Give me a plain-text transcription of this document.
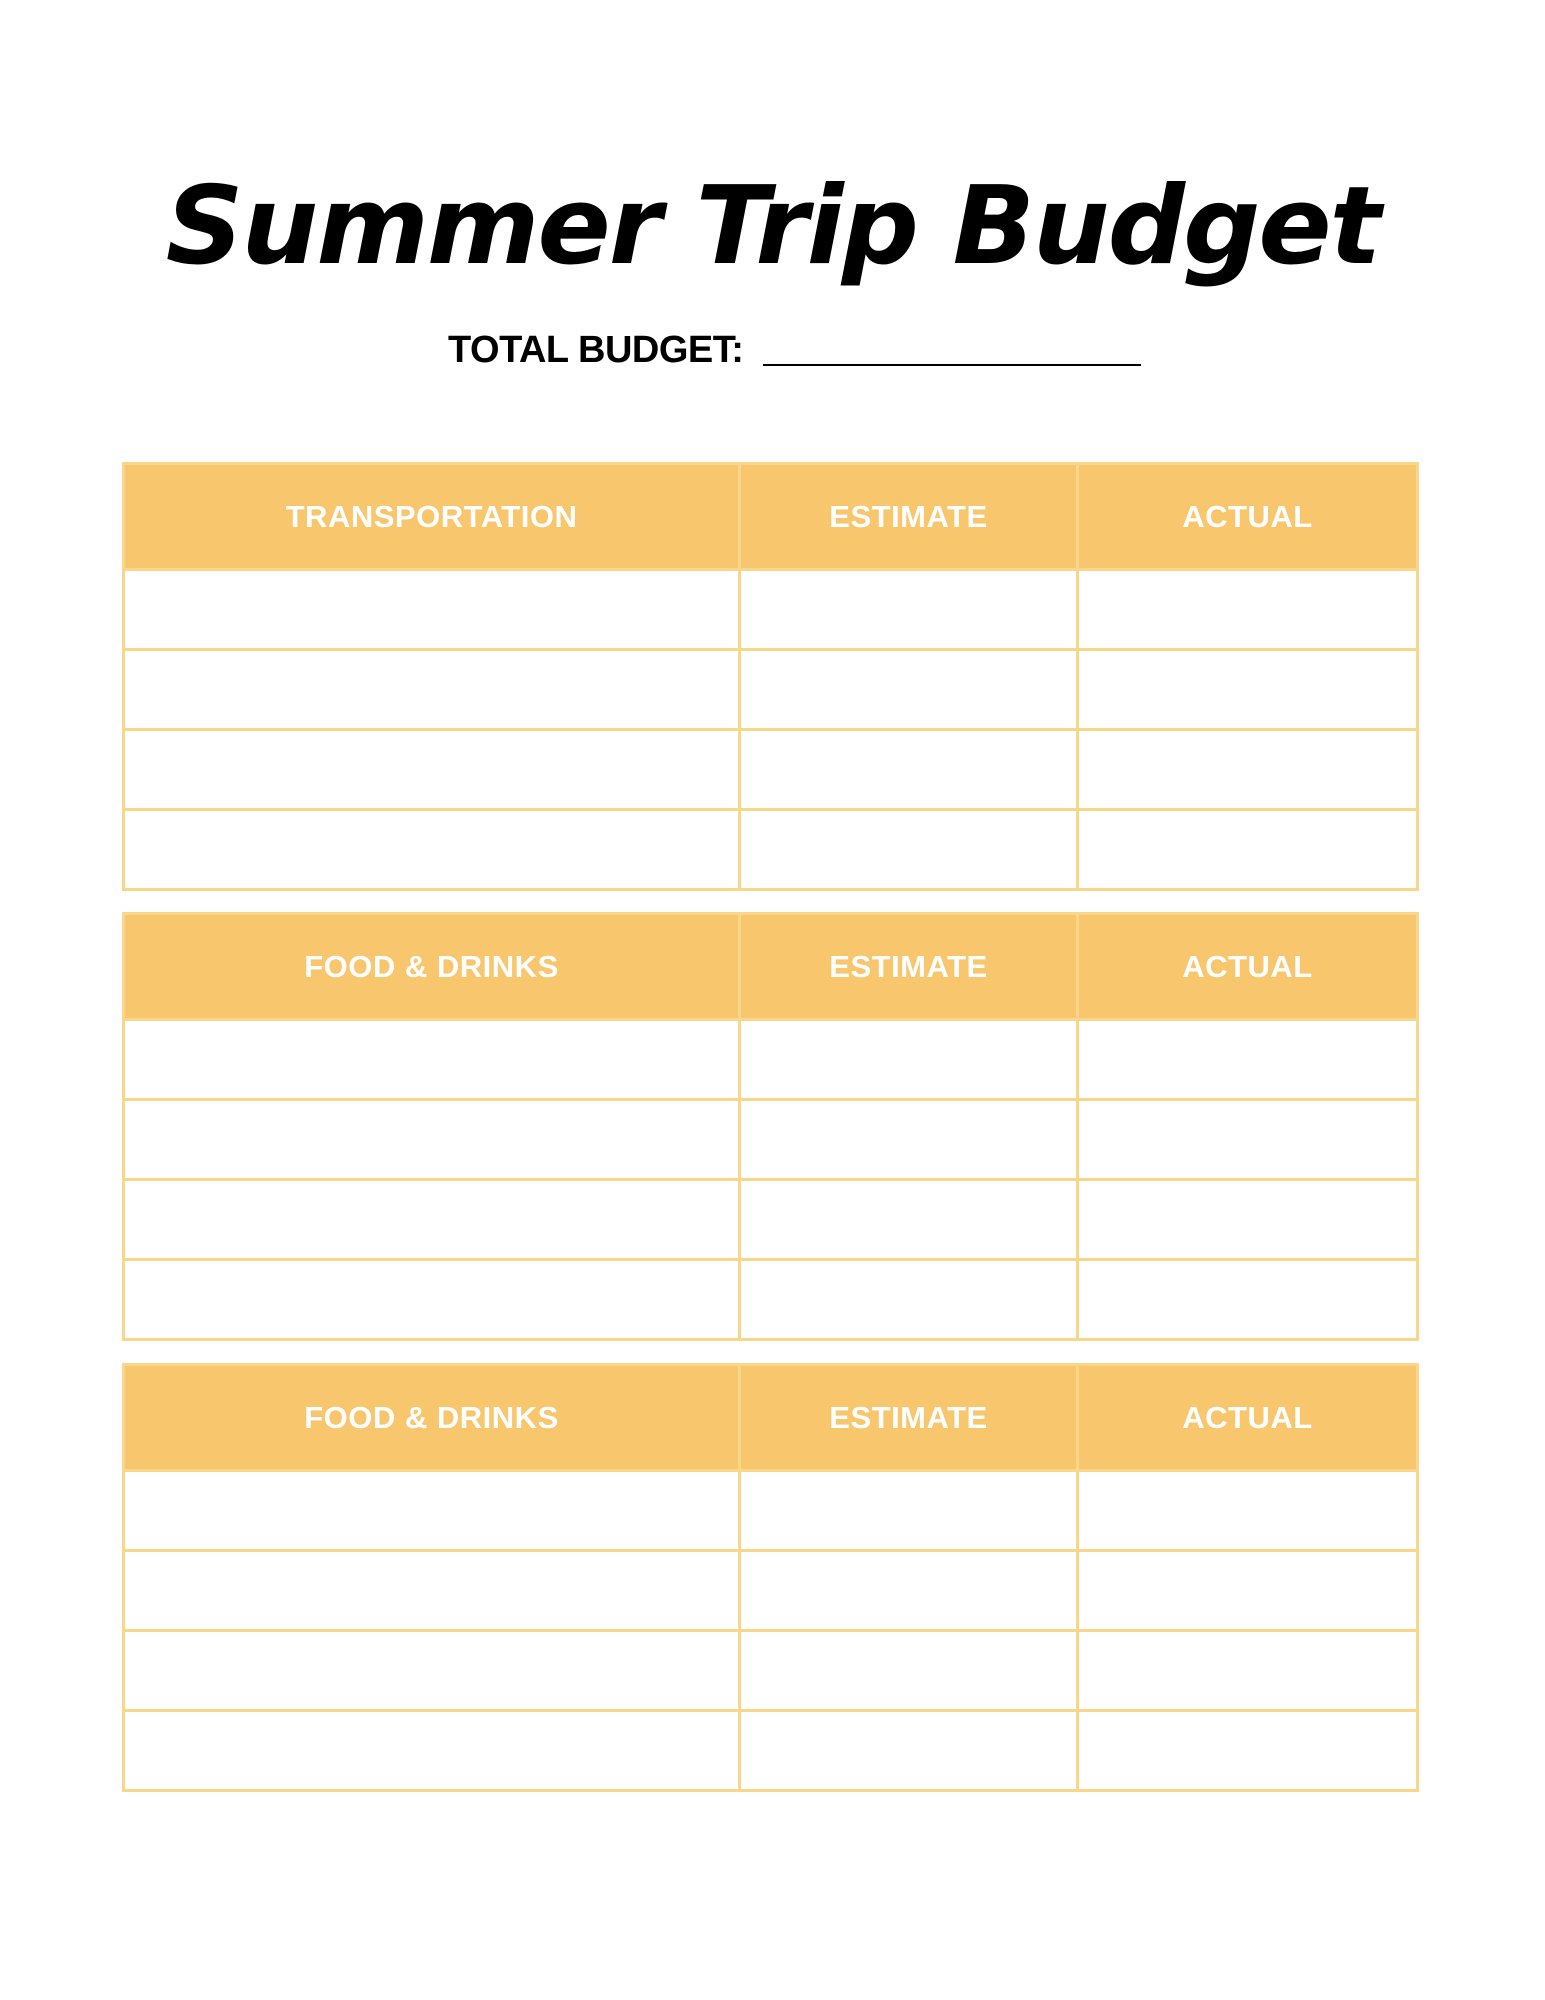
Summer Trip Budget
TOTAL BUDGET:
TRANSPORTATION	ESTIMATE	ACTUAL

FOOD & DRINKS	ESTIMATE	ACTUAL

FOOD & DRINKS	ESTIMATE	ACTUAL
